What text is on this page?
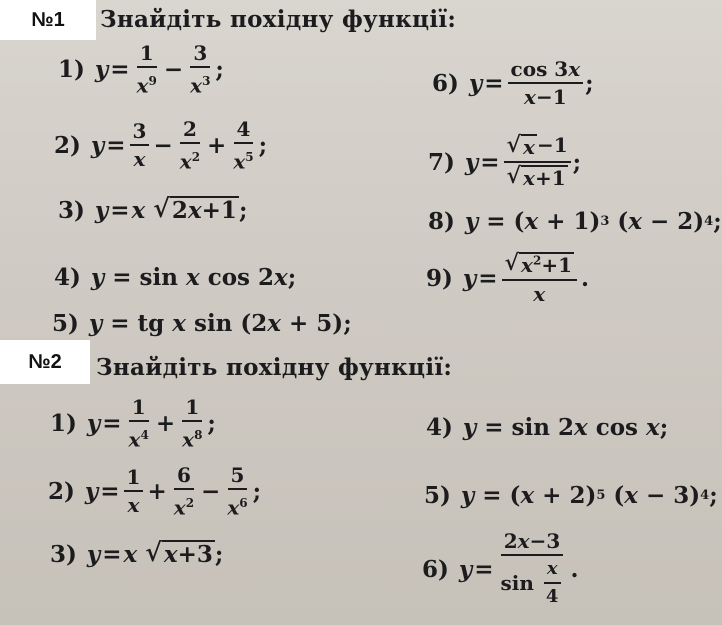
№1	Знайдіть похідну функції:
1) $y = \frac{1}{x^9} - \frac{3}{x^3}$ ;
2) $y = \frac{3}{x} - \frac{2}{x^2} + \frac{4}{x^5}$ ;
3) y = x
√ 2x+1 ;
4) y = sin x cos 2 x ;
5) y = tg x sin (2 x + 5);
6) $y = \frac{\cos 3x}{x-1}$ ;
7) $y = \frac{√ x -1}{√ x+1}$ ;
8) y = ( x + 1) 3 ( x − 2) 4 ;
9) $y = \frac{√ x^2+1}{x}$ .
№2	Знайдіть похідну функції:
1) $y = \frac{1}{x^4} + \frac{1}{x^8}$ ;
2) $y = \frac{1}{x} + \frac{6}{x^2} - \frac{5}{x^6}$ ;
3) y = x
√ x+3 ;
4) y = sin 2 x cos x ;
5) y = ( x + 2) 5 ( x − 3) 4 ;
6) $y = \frac{2x-3}{\sin \frac{x}{4}}$ .
